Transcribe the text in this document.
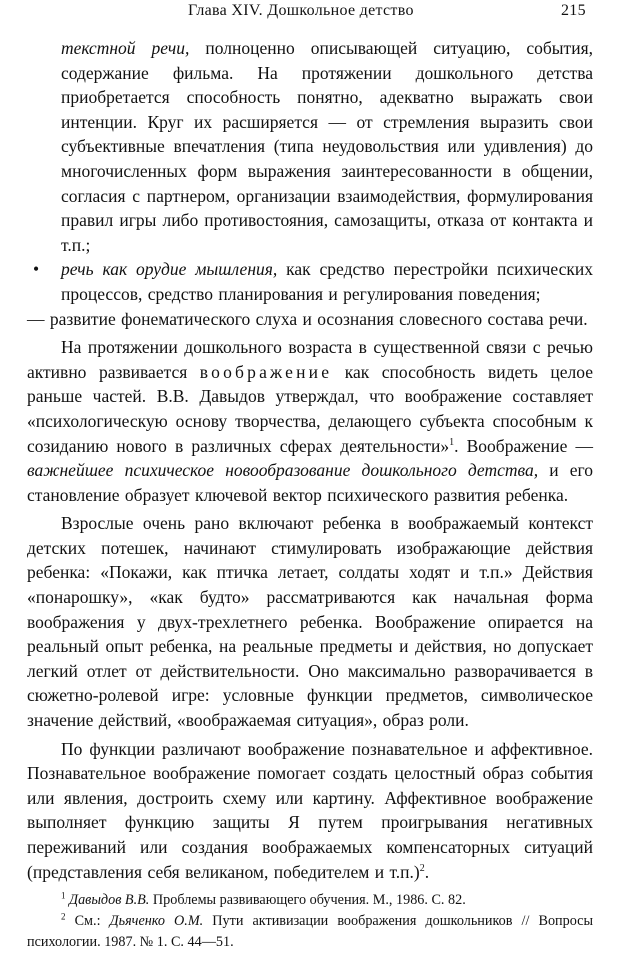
Глава XIV. Дошкольное детство	215

текстной речи, полноценно описывающей ситуацию, события, содержание фильма. На протяжении дошкольного детства приобретается способность понятно, адекватно выражать свои интенции. Круг их расширяется — от стремления выразить свои субъективные впечатления (типа неудовольствия или удивления) до многочисленных форм выражения заинтересованности в общении, согласия с партнером, организации взаимодействия, формулирования правил игры либо противостояния, самозащиты, отказа от контакта и т.п.;

• речь как орудие мышления, как средство перестройки психических процессов, средство планирования и регулирования поведения;

— развитие фонематического слуха и осознания словесного состава речи.

На протяжении дошкольного возраста в существенной связи с речью активно развивается воображение как способность видеть целое раньше частей. В.В. Давыдов утверждал, что воображение составляет «психологическую основу творчества, делающего субъекта способным к созиданию нового в различных сферах деятельности»$^1$. Воображение — важнейшее психическое новообразование дошкольного детства, и его становление образует ключевой вектор психического развития ребенка.

Взрослые очень рано включают ребенка в воображаемый контекст детских потешек, начинают стимулировать изображающие действия ребенка: «Покажи, как птичка летает, солдаты ходят и т.п.» Действия «понарошку», «как будто» рассматриваются как начальная форма воображения у двух-трехлетнего ребенка. Воображение опирается на реальный опыт ребенка, на реальные предметы и действия, но допускает легкий отлет от действительности. Оно максимально разворачивается в сюжетно-ролевой игре: условные функции предметов, символическое значение действий, «воображаемая ситуация», образ роли.

По функции различают воображение познавательное и аффективное. Познавательное воображение помогает создать целостный образ события или явления, достроить схему или картину. Аффективное воображение выполняет функцию защиты Я путем проигрывания негативных переживаний или создания воображаемых компенсаторных ситуаций (представления себя великаном, победителем и т.п.)$^2$.

$^1$ Давыдов В.В. Проблемы развивающего обучения. М., 1986. С. 82.

$^2$ См.: Дьяченко О.М. Пути активизации воображения дошкольников // Вопросы психологии. 1987. № 1. С. 44—51.
